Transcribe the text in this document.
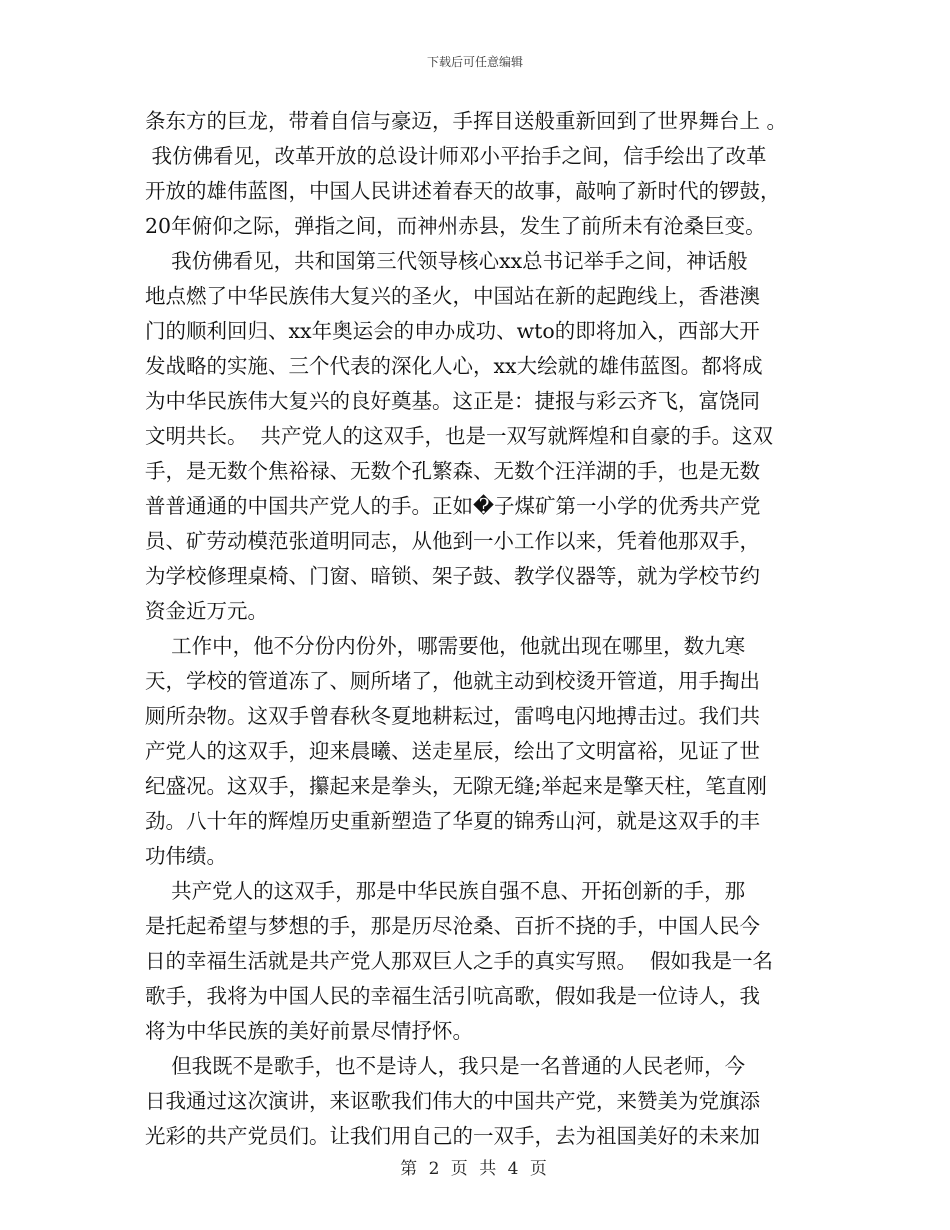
下载后可任意编辑
条东方的巨龙，带着自信与豪迈，手挥目送般重新回到了世界舞台上 。
我仿佛看见，改革开放的总设计师邓小平抬手之间，信手绘出了改革
开放的雄伟蓝图，中国人民讲述着春天的故事，敲响了新时代的锣鼓，
20年俯仰之际，弹指之间，而神州赤县，发生了前所未有沧桑巨变。
我仿佛看见，共和国第三代领导核心xx总书记举手之间，神话般
地点燃了中华民族伟大复兴的圣火，中国站在新的起跑线上，香港澳
门的顺利回归、xx年奥运会的申办成功、wto的即将加入，西部大开
发战略的实施、三个代表的深化人心，xx大绘就的雄伟蓝图。都将成
为中华民族伟大复兴的良好奠基。这正是：捷报与彩云齐飞，富饶同
文明共长。  共产党人的这双手，也是一双写就辉煌和自豪的手。这双
手，是无数个焦裕禄、无数个孔繁森、无数个汪洋湖的手，也是无数
普普通通的中国共产党人的手。正如�子煤矿第一小学的优秀共产党
员、矿劳动模范张道明同志，从他到一小工作以来，凭着他那双手，
为学校修理桌椅、门窗、暗锁、架子鼓、教学仪器等，就为学校节约
资金近万元。
工作中，他不分份内份外，哪需要他，他就出现在哪里，数九寒
天，学校的管道冻了、厕所堵了，他就主动到校烫开管道，用手掏出
厕所杂物。这双手曾春秋冬夏地耕耘过，雷鸣电闪地搏击过。我们共
产党人的这双手，迎来晨曦、送走星辰，绘出了文明富裕，见证了世
纪盛况。这双手，攥起来是拳头，无隙无缝;举起来是擎天柱，笔直刚
劲。八十年的辉煌历史重新塑造了华夏的锦秀山河，就是这双手的丰
功伟绩。
共产党人的这双手，那是中华民族自强不息、开拓创新的手，那
是托起希望与梦想的手，那是历尽沧桑、百折不挠的手，中国人民今
日的幸福生活就是共产党人那双巨人之手的真实写照。  假如我是一名
歌手，我将为中国人民的幸福生活引吭高歌，假如我是一位诗人，我
将为中华民族的美好前景尽情抒怀。
但我既不是歌手，也不是诗人，我只是一名普通的人民老师，今
日我通过这次演讲，来讴歌我们伟大的中国共产党，来赞美为党旗添
光彩的共产党员们。让我们用自己的一双手，去为祖国美好的未来加
第 2 页 共 4 页
